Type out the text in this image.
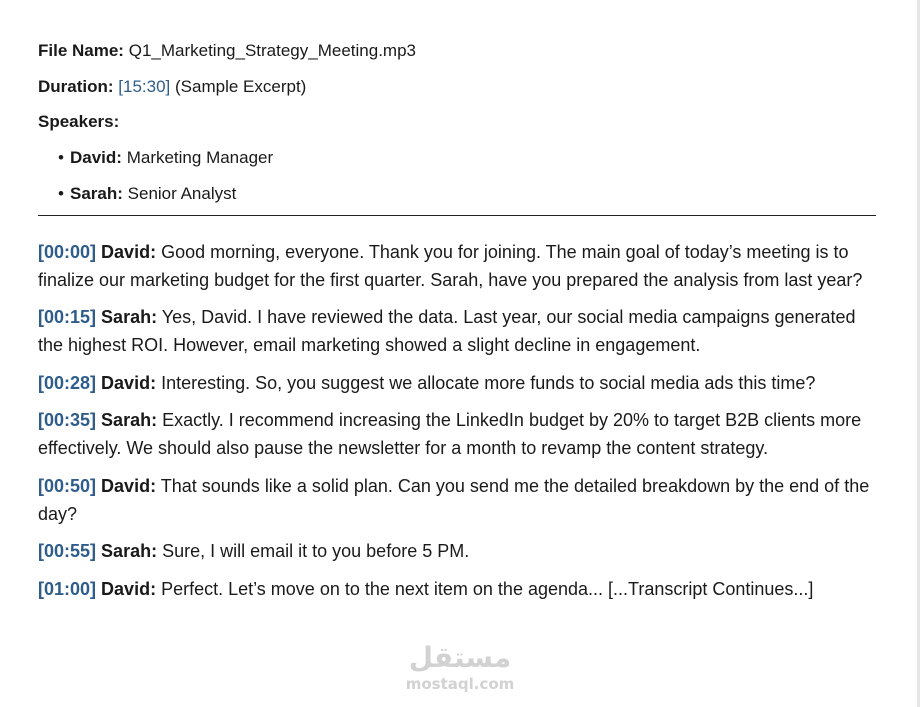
File Name: Q1_Marketing_Strategy_Meeting.mp3
Duration: [15:30] (Sample Excerpt)
Speakers:
• David: Marketing Manager
• Sarah: Senior Analyst
[00:00] David: Good morning, everyone. Thank you for joining. The main goal of today’s meeting is to finalize our marketing budget for the first quarter. Sarah, have you prepared the analysis from last year?
[00:15] Sarah: Yes, David. I have reviewed the data. Last year, our social media campaigns generated the highest ROI. However, email marketing showed a slight decline in engagement.
[00:28] David: Interesting. So, you suggest we allocate more funds to social media ads this time?
[00:35] Sarah: Exactly. I recommend increasing the LinkedIn budget by 20% to target B2B clients more effectively. We should also pause the newsletter for a month to revamp the content strategy.
[00:50] David: That sounds like a solid plan. Can you send me the detailed breakdown by the end of the day?
[00:55] Sarah: Sure, I will email it to you before 5 PM.
[01:00] David: Perfect. Let’s move on to the next item on the agenda... [...Transcript Continues...]
مستقل
mostaql.com
